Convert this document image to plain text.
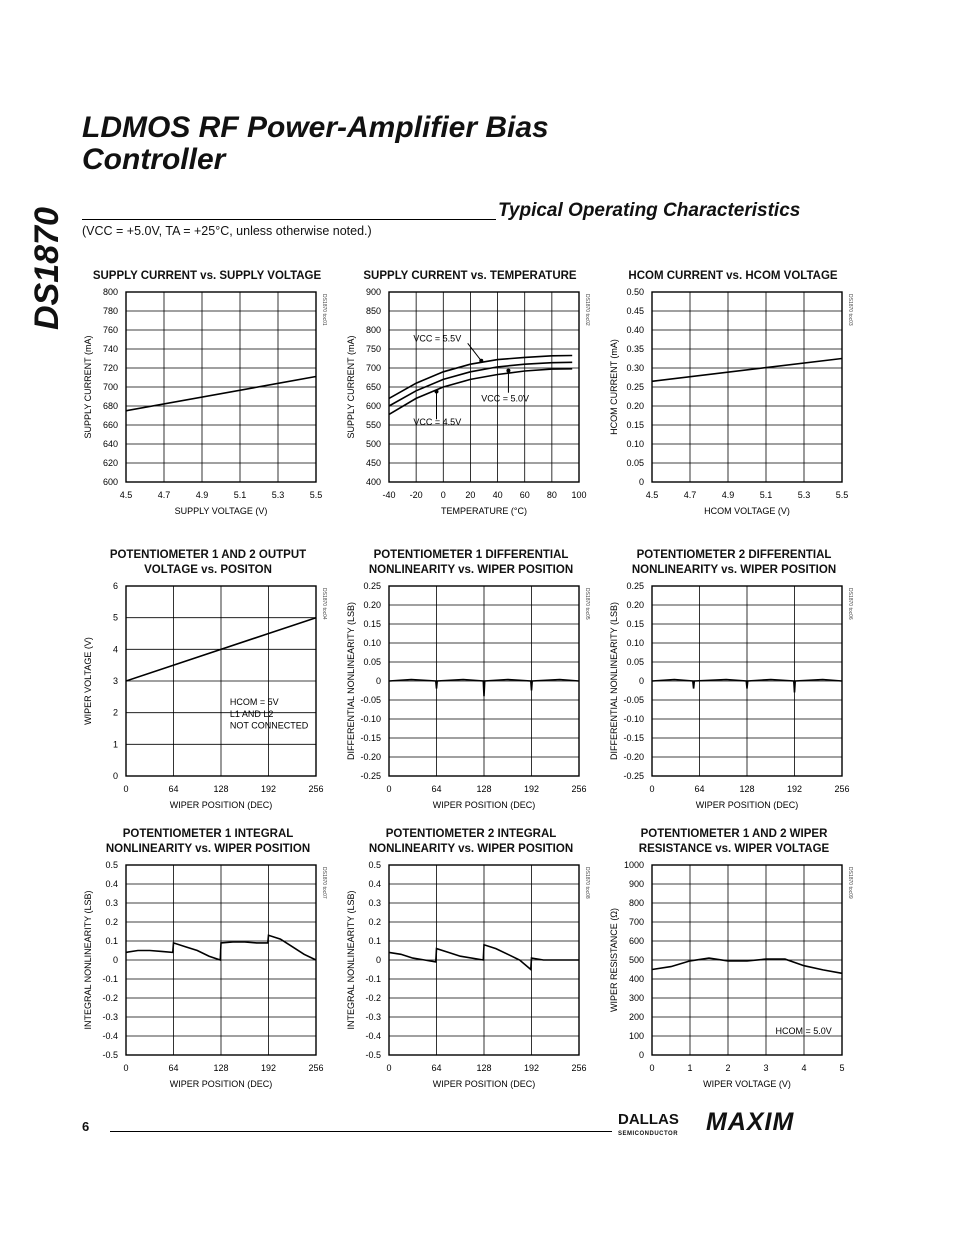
DS1870
LDMOS RF Power-Amplifier Bias
Controller
Typical Operating Characteristics
(VCC = +5.0V, TA = +25°C, unless otherwise noted.)
SUPPLY CURRENT vs. SUPPLY VOLTAGE
600
620
640
660
680
700
720
740
760
780
800
4.5	4.7	4.9	5.1	5.3	5.5
SUPPLY VOLTAGE (V)
SUPPLY CURRENT (mA)
DS1870 toc01
SUPPLY CURRENT vs. TEMPERATURE
400
450
500
550
600
650
700
750
800
850
900
-40 -20 0 20 40 60 80 100
TEMPERATURE (°C)
SUPPLY CURRENT (mA)
DS1870 toc02
VCC = 5.5V
VCC = 5.0V
VCC = 4.5V
HCOM CURRENT vs. HCOM VOLTAGE
0
0.05
0.10
0.15
0.20
0.25
0.30
0.35
0.40
0.45
0.50
4.5	4.7	4.9	5.1	5.3	5.5
HCOM VOLTAGE (V)
HCOM CURRENT (mA)
DS1870 toc03
POTENTIOMETER 1 AND 2 OUTPUT VOLTAGE vs. POSITON
0
1
2
3
4
5
6
0	64	128	192	256
WIPER POSITION (DEC)
WIPER VOLTAGE (V)
DS1870 toc04
HCOM = 5V
L1 AND L2
NOT CONNECTED
POTENTIOMETER 1 DIFFERENTIAL NONLINEARITY vs. WIPER POSITION
-0.25
-0.20
-0.15
-0.10
-0.05
0
0.05
0.10
0.15
0.20
0.25
0	64	128	192	256
WIPER POSITION (DEC)
DIFFERENTIAL NONLINEARITY (LSB)	DS1870 toc05
POTENTIOMETER 2 DIFFERENTIAL NONLINEARITY vs. WIPER POSITION
-0.25
-0.20
-0.15
-0.10
-0.05
0
0.05
0.10
0.15
0.20
0.25
0	64	128	192	256
WIPER POSITION (DEC)
DIFFERENTIAL NONLINEARITY (LSB)	DS1870 toc06
POTENTIOMETER 1 INTEGRAL NONLINEARITY vs. WIPER POSITION
-0.5
-0.4
-0.3
-0.2
-0.1
0
0.1
0.2
0.3
0.4
0.5
0	64	128	192	256
WIPER POSITION (DEC)
INTEGRAL NONLINEARITY (LSB)
DS1870 toc07
POTENTIOMETER 2 INTEGRAL NONLINEARITY vs. WIPER POSITION
-0.5
-0.4
-0.3
-0.2
-0.1
0
0.1
0.2
0.3
0.4
0.5
0	64	128	192	256
WIPER POSITION (DEC)
INTEGRAL NONLINEARITY (LSB)
DS1870 toc08
POTENTIOMETER 1 AND 2 WIPER RESISTANCE vs. WIPER VOLTAGE
0
100
200
300
400
500
600
700
800
900
1000
0	1	2	3	4	5
WIPER VOLTAGE (V)
WIPER RESISTANCE (Ω)
DS1870 toc09
HCOM = 5.0V
6	DALLAS
SEMICONDUCTOR MAXIM
